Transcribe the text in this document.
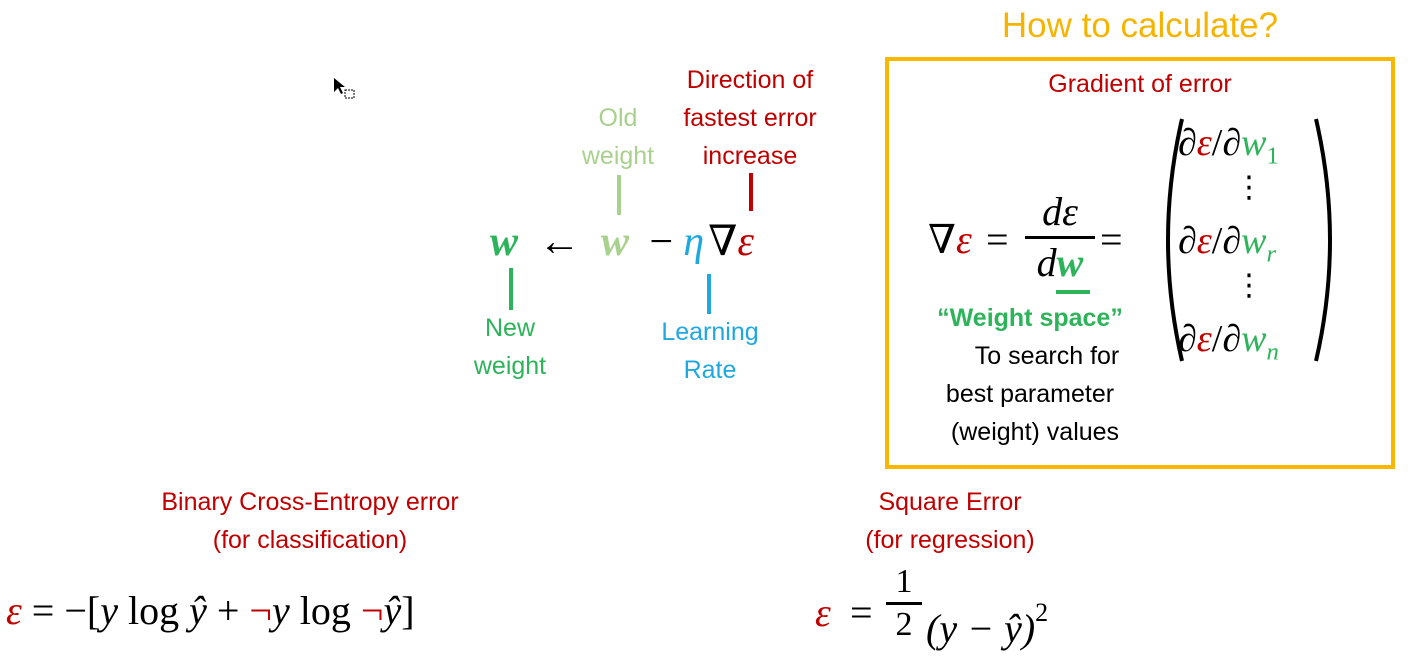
Old
weight
Direction of
fastest error
increase
w ← w − η∇ε
New
weight
Learning
Rate
How to calculate?
Gradient of error
∇ε =
dε
dw
=
$\partial\varepsilon/\partial w_1$
⋮
$\partial\varepsilon/\partial w_r$
⋮
$\partial\varepsilon/\partial w_n$
“Weight space”
To search for
best parameter
(weight) values
Binary Cross-Entropy error
(for classification)
ε = −[y log ŷ + ¬y log ¬ŷ]
Square Error
(for regression)
ε =
1
2 (y − ŷ)$^2$
